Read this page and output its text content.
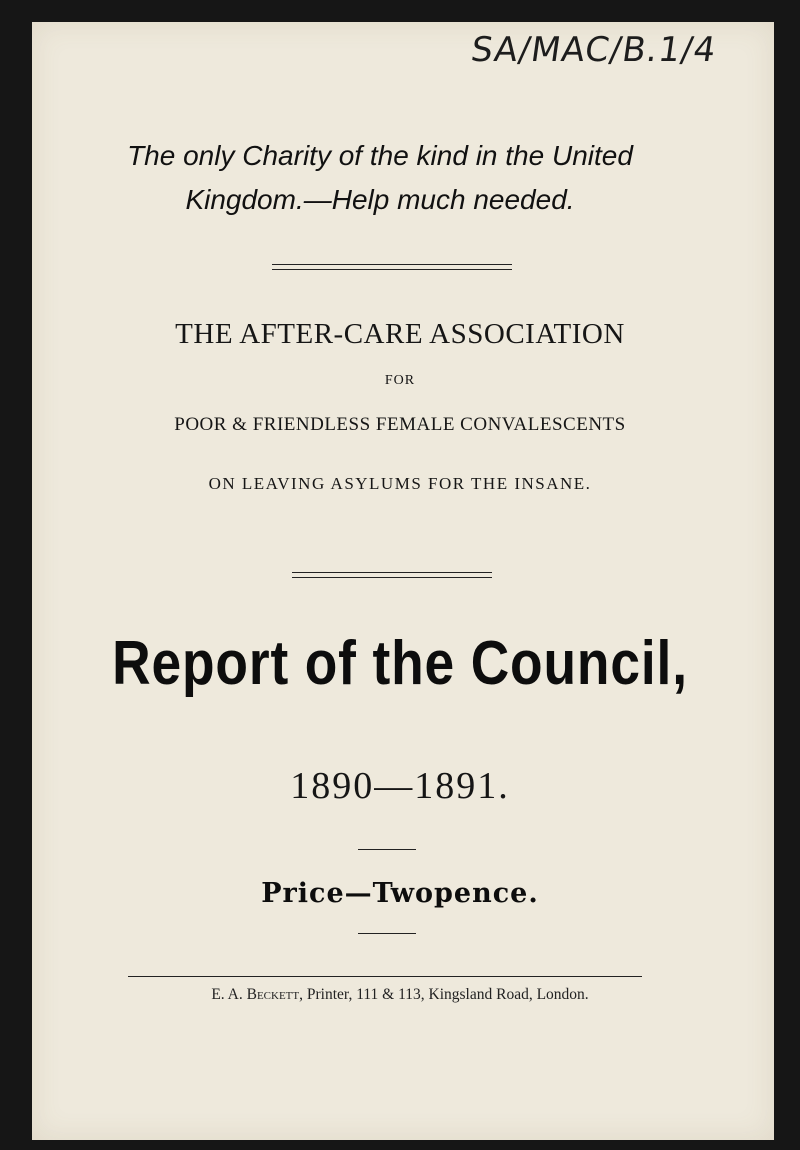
SA/MAC/B.1/4
The only Charity of the kind in the United Kingdom.—Help much needed.
THE AFTER-CARE ASSOCIATION
FOR
POOR & FRIENDLESS FEMALE CONVALESCENTS
ON LEAVING ASYLUMS FOR THE INSANE.
Report of the Council,
1890—1891.
Price—Twopence.
E. A. Beckett, Printer, 111 & 113, Kingsland Road, London.
